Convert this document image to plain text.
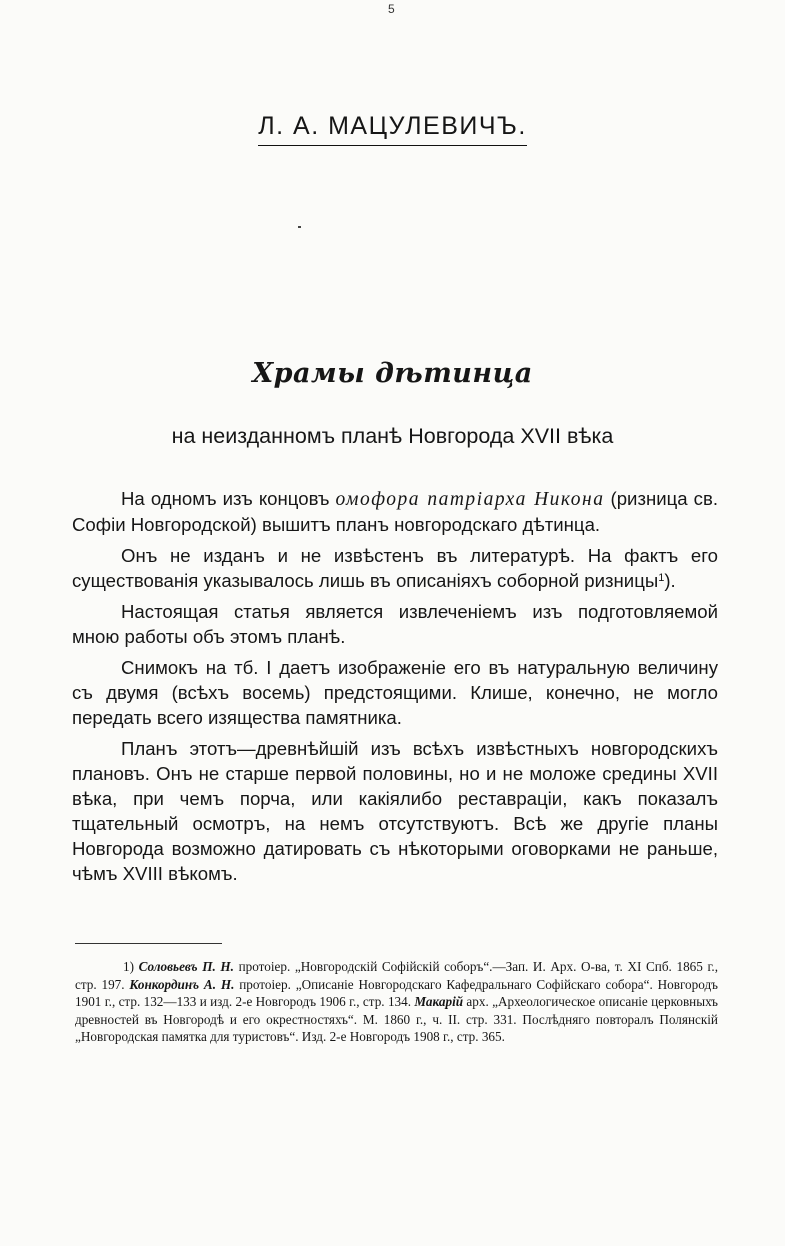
5
Л. А. МАЦУЛЕВИЧЪ.
Храмы дѣтинца
на неизданномъ планѣ Новгорода XVII вѣка

На одномъ изъ концовъ омофора патріарха Никона (ризница св. Софіи Новгородской) вышитъ планъ новгородскаго дѣтинца.

Онъ не изданъ и не извѣстенъ въ литературѣ. На фактъ его существованія указывалось лишь въ описаніяхъ соборной ризницы$^1$).

Настоящая статья является извлеченіемъ изъ подготовляемой мною работы объ этомъ планѣ.

Снимокъ на тб. I даетъ изображеніе его въ натуральную величину съ двумя (всѣхъ восемь) предстоящими. Клише, конечно, не могло передать всего изящества памятника.

Планъ этотъ—древнѣйшій изъ всѣхъ извѣстныхъ новгородскихъ плановъ. Онъ не старше первой половины, но и не моложе средины XVII вѣка, при чемъ порча, или какіялибо реставраціи, какъ показалъ тщательный осмотръ, на немъ отсутствуютъ. Всѣ же другіе планы Новгорода возможно датировать съ нѣкоторыми оговорками не раньше, чѣмъ XVIII вѣкомъ.

1) Соловьевъ П. Н. протоіер. „Новгородскій Софійскій соборъ“.—Зап. И. Арх. О-ва, т. XI Спб. 1865 г., стр. 197. Конкординъ А. Н. протоіер. „Описаніе Новгородскаго Кафедральнаго Софійскаго собора“. Новгородъ 1901 г., стр. 132—133 и изд. 2-е Новгородъ 1906 г., стр. 134. Макарій арх. „Археологическое описаніе церковныхъ древностей въ Новгородѣ и его окрестностяхъ“. М. 1860 г., ч. II. стр. 331. Послѣдняго повторалъ Полянскій „Новгородская памятка для туристовъ“. Изд. 2-е Новгородъ 1908 г., стр. 365.
